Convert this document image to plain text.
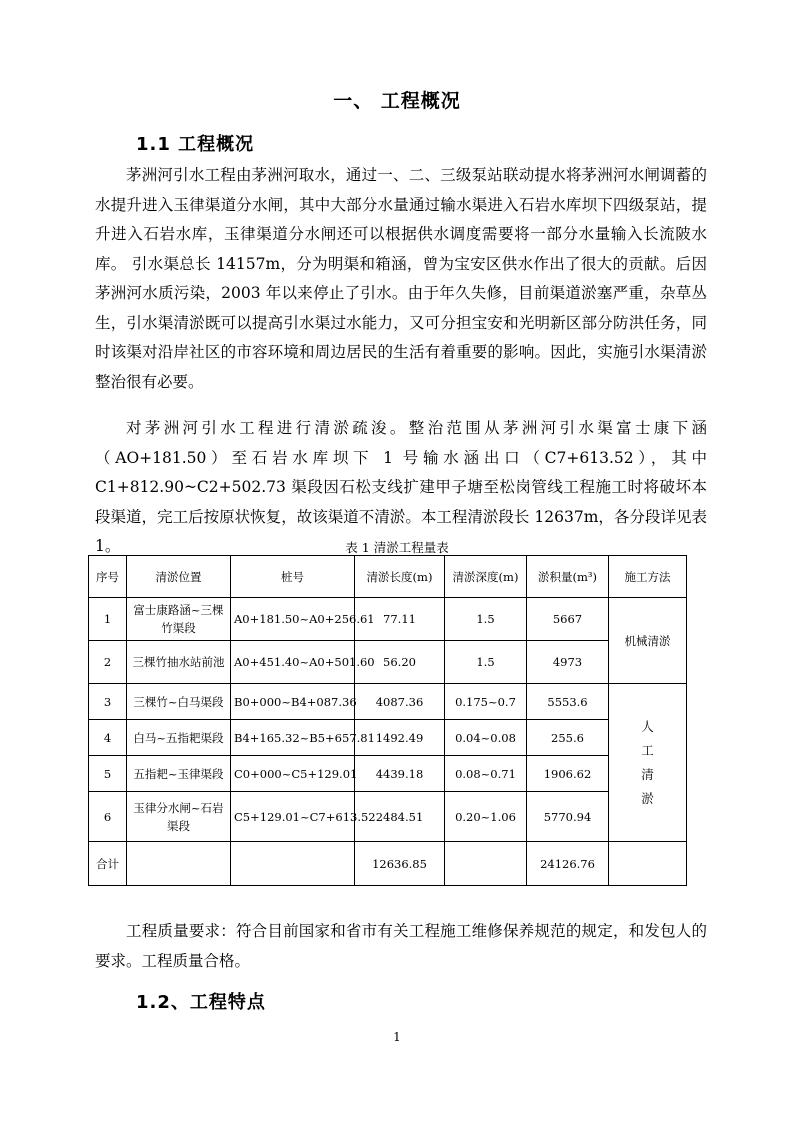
一、 工程概况
1.1 工程概况
茅洲河引水工程由茅洲河取水，通过一、二、三级泵站联动提水将茅洲河水闸调蓄的水提升进入玉律渠道分水闸，其中大部分水量通过输水渠进入石岩水库坝下四级泵站，提升进入石岩水库，玉律渠道分水闸还可以根据供水调度需要将一部分水量输入长流陂水库。 引水渠总长 14157m，分为明渠和箱涵，曾为宝安区供水作出了很大的贡献。后因茅洲河水质污染，2003 年以来停止了引水。由于年久失修，目前渠道淤塞严重，杂草丛生，引水渠清淤既可以提高引水渠过水能力，又可分担宝安和光明新区部分防洪任务，同时该渠对沿岸社区的市容环境和周边居民的生活有着重要的影响。因此，实施引水渠清淤整治很有必要。
对茅洲河引水工程进行清淤疏浚。整治范围从茅洲河引水渠富士康下涵（AO+181.50）至石岩水库坝下 1 号输水涵出口（C7+613.52），其中 C1+812.90~C2+502.73 渠段因石松支线扩建甲子塘至松岗管线工程施工时将破坏本段渠道，完工后按原状恢复，故该渠道不清淤。本工程清淤段长 12637m，各分段详见表 1。	表 1 清淤工程量表
序号	清淤位置	桩号	清淤长度(m)	清淤深度(m)	淤积量(m³)	施工方法
1	富士康路涵~三棵竹渠段	A0+181.50~A0+256.61	77.11	1.5	5667	机械清淤
2	三棵竹抽水站前池	A0+451.40~A0+501.60	56.20	1.5	4973	
3	三棵竹~白马渠段	B0+000~B4+087.36	4087.36	0.175~0.7	5553.6	人工清淤
4	白马~五指耙渠段	B4+165.32~B5+657.81	1492.49	0.04~0.08	255.6	
5	五指耙~玉律渠段	C0+000~C5+129.01	4439.18	0.08~0.71	1906.62	
6	玉律分水闸~石岩渠段	C5+129.01~C7+613.52	2484.51	0.20~1.06	5770.94	
合计			12636.85		24126.76	
工程质量要求：符合目前国家和省市有关工程施工维修保养规范的规定，和发包人的要求。工程质量合格。
1.2、工程特点
1
